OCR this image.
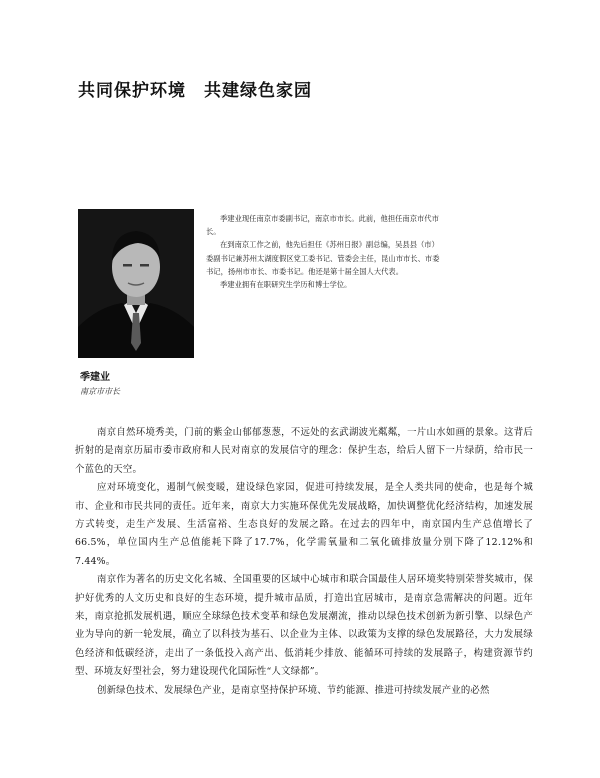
共同保护环境 共建绿色家园
季建业
南京市市长

季建业现任南京市委副书记，南京市市长。此前，他担任南京市代市长。

在到南京工作之前，他先后担任《苏州日报》副总编，吴县县（市）委副书记兼苏州太湖度假区党工委书记、管委会主任，昆山市市长、市委书记，扬州市市长、市委书记。他还是第十届全国人大代表。

季建业拥有在职研究生学历和博士学位。

南京自然环境秀美，门前的紫金山郁郁葱葱，不远处的玄武湖波光粼粼，一片山水如画的景象。这背后折射的是南京历届市委市政府和人民对南京的发展信守的理念：保护生态，给后人留下一片绿荫，给市民一个蓝色的天空。

应对环境变化，遏制气候变暖，建设绿色家园，促进可持续发展，是全人类共同的使命，也是每个城市、企业和市民共同的责任。近年来，南京大力实施环保优先发展战略，加快调整优化经济结构，加速发展方式转变，走生产发展、生活富裕、生态良好的发展之路。在过去的四年中，南京国内生产总值增长了66.5%，单位国内生产总值能耗下降了17.7%，化学需氧量和二氧化硫排放量分别下降了12.12%和7.44%。

南京作为著名的历史文化名城、全国重要的区域中心城市和联合国最佳人居环境奖特别荣誉奖城市，保护好优秀的人文历史和良好的生态环境，提升城市品质，打造出宜居城市，是南京急需解决的问题。近年来，南京抢抓发展机遇，顺应全球绿色技术变革和绿色发展潮流，推动以绿色技术创新为新引擎、以绿色产业为导向的新一轮发展，确立了以科技为基石、以企业为主体、以政策为支撑的绿色发展路径，大力发展绿色经济和低碳经济，走出了一条低投入高产出、低消耗少排放、能循环可持续的发展路子，构建资源节约型、环境友好型社会，努力建设现代化国际性“人文绿都”。

创新绿色技术、发展绿色产业，是南京坚持保护环境、节约能源、推进可持续发展产业的必然
